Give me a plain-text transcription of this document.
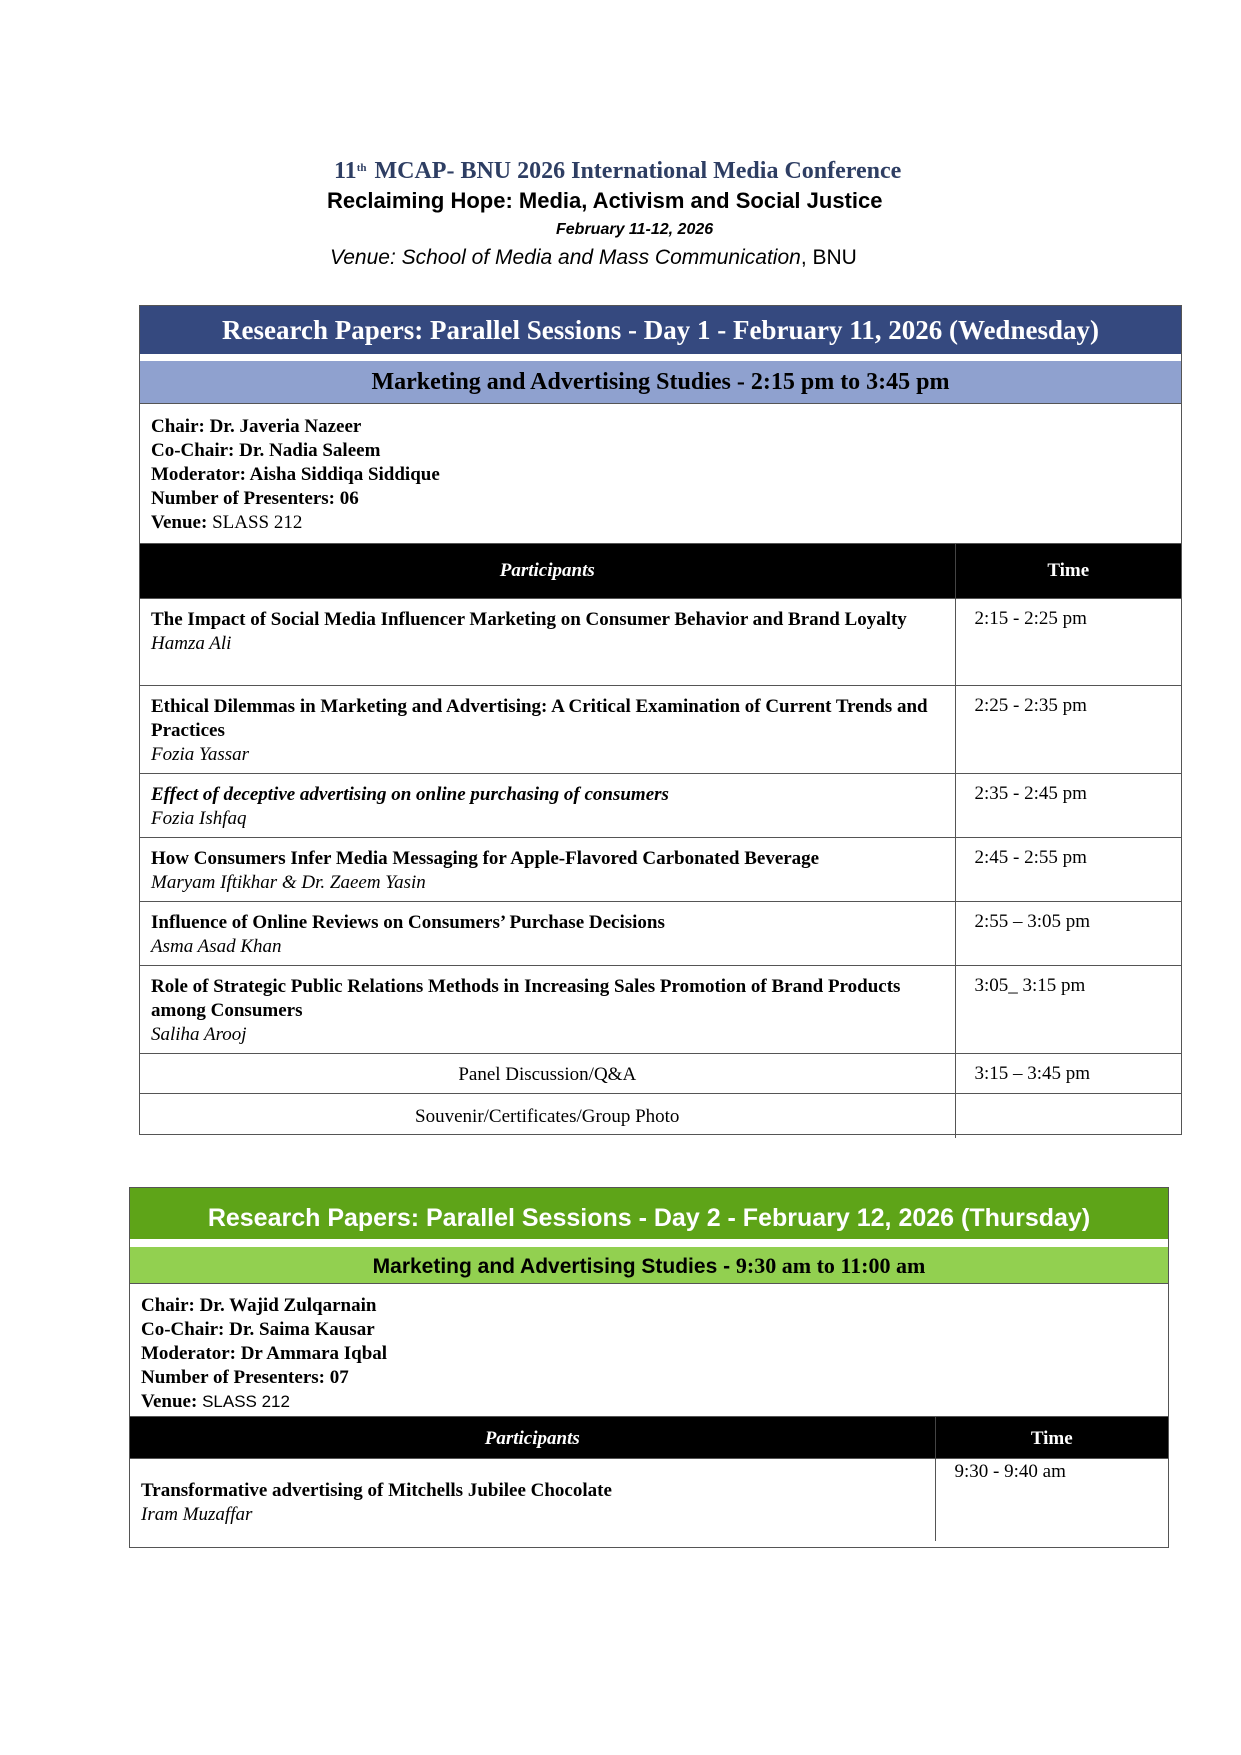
11th MCAP- BNU 2026 International Media Conference
Reclaiming Hope: Media, Activism and Social Justice
February 11-12, 2026
Venue: School of Media and Mass Communication, BNU
Research Papers: Parallel Sessions - Day 1 - February 11, 2026 (Wednesday)
Marketing and Advertising Studies - 2:15 pm to 3:45 pm
Chair: Dr. Javeria Nazeer
Co-Chair: Dr. Nadia Saleem
Moderator: Aisha Siddiqa Siddique
Number of Presenters: 06
Venue: SLASS 212
Participants	Time

The Impact of Social Media Influencer Marketing on Consumer Behavior and Brand Loyalty
Hamza Ali	2:15 - 2:25 pm

Ethical Dilemmas in Marketing and Advertising: A Critical Examination of Current Trends and Practices
Fozia Yassar	2:25 - 2:35 pm

Effect of deceptive advertising on online purchasing of consumers
Fozia Ishfaq	2:35 - 2:45 pm

How Consumers Infer Media Messaging for Apple-Flavored Carbonated Beverage
Maryam Iftikhar & Dr. Zaeem Yasin	2:45 - 2:55 pm

Influence of Online Reviews on Consumers’ Purchase Decisions
Asma Asad Khan	2:55 – 3:05 pm

Role of Strategic Public Relations Methods in Increasing Sales Promotion of Brand Products among Consumers
Saliha Arooj	3:05_ 3:15 pm
Panel Discussion/Q&A	3:15 – 3:45 pm
Souvenir/Certificates/Group Photo	
Research Papers: Parallel Sessions - Day 2 - February 12, 2026 (Thursday)
Marketing and Advertising Studies - 9:30 am to 11:00 am
Chair: Dr. Wajid Zulqarnain
Co-Chair: Dr. Saima Kausar
Moderator: Dr Ammara Iqbal
Number of Presenters: 07
Venue: SLASS 212
Participants	Time

Transformative advertising of Mitchells Jubilee Chocolate
Iram Muzaffar	9:30 - 9:40 am
